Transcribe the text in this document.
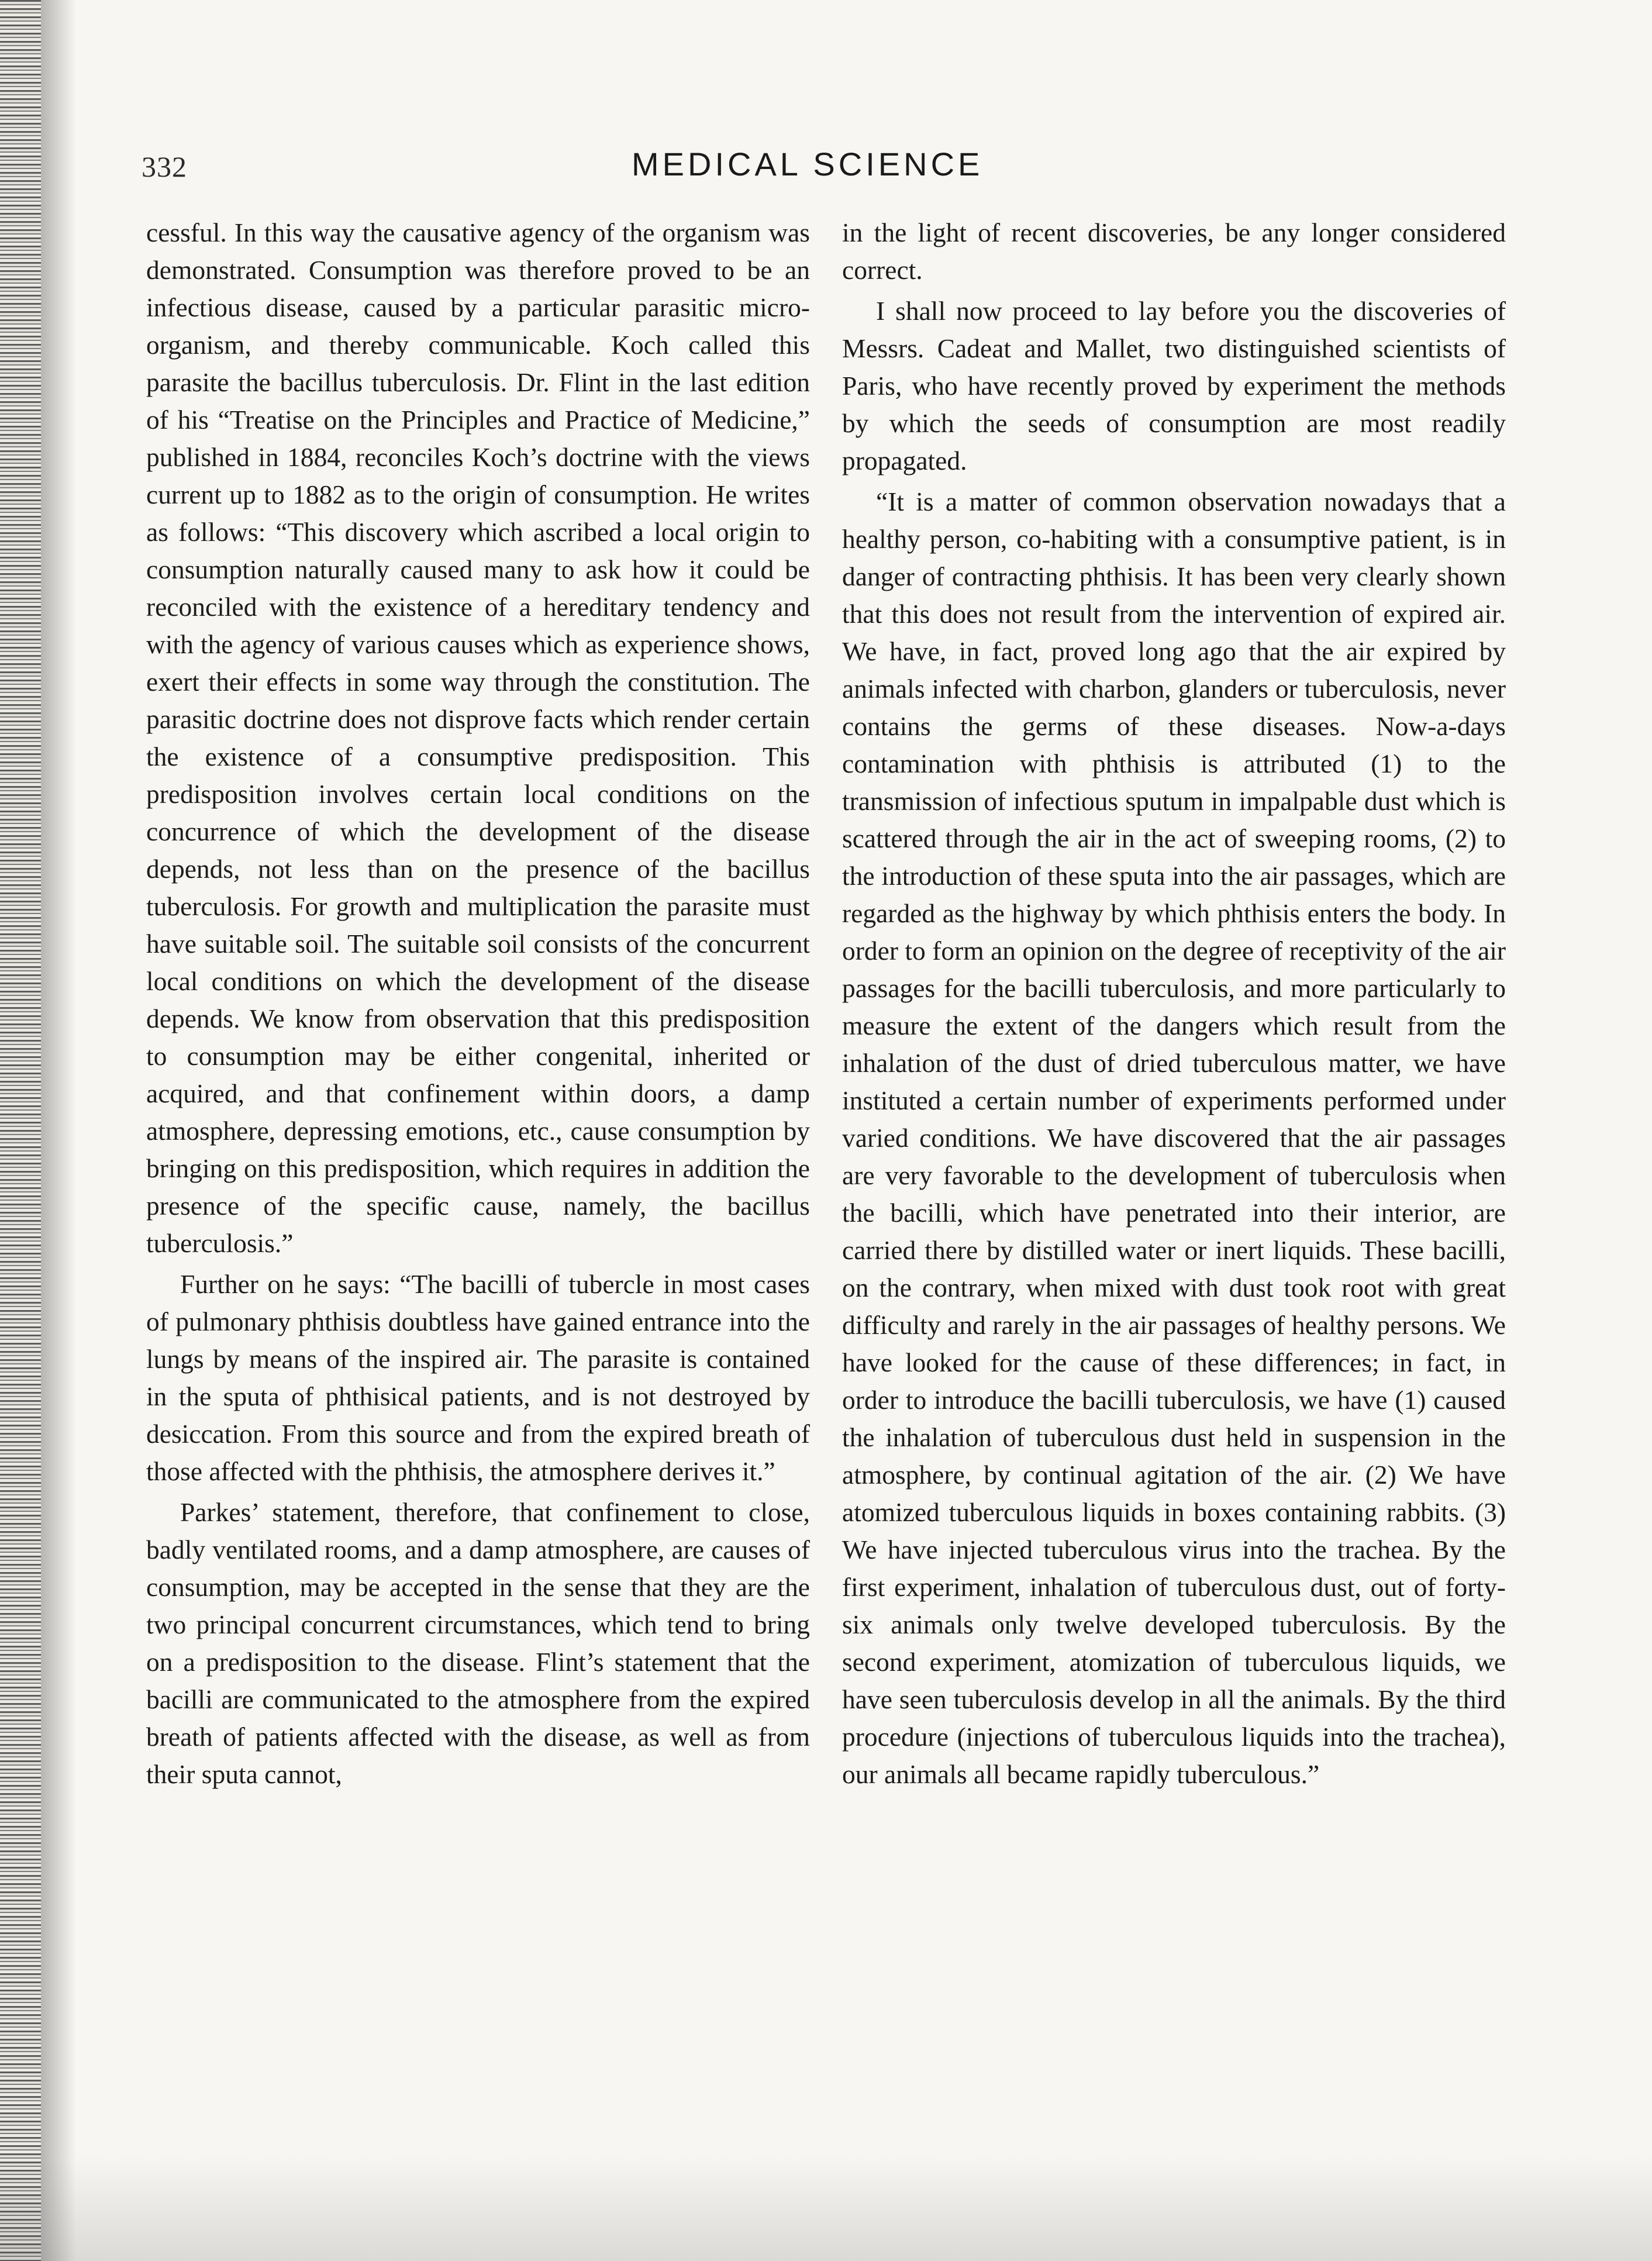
332	MEDICAL SCIENCE

cessful. In this way the causative agency of the organism was demonstrated. Consumption was therefore proved to be an infectious disease, caused by a particular parasitic micro-organism, and thereby communicable. Koch called this parasite the bacillus tuberculosis. Dr. Flint in the last edition of his “Treatise on the Principles and Practice of Medicine,” published in 1884, reconciles Koch’s doctrine with the views current up to 1882 as to the origin of consumption. He writes as follows: “This discovery which ascribed a local origin to consumption naturally caused many to ask how it could be reconciled with the existence of a hereditary tendency and with the agency of various causes which as experience shows, exert their effects in some way through the constitution. The parasitic doctrine does not disprove facts which render certain the existence of a consumptive predisposition. This predisposition involves certain local conditions on the concurrence of which the development of the disease depends, not less than on the presence of the bacillus tuberculosis. For growth and multiplication the parasite must have suitable soil. The suitable soil consists of the concurrent local conditions on which the development of the disease depends. We know from observation that this predisposition to consumption may be either congenital, inherited or acquired, and that confinement within doors, a damp atmosphere, depressing emotions, etc., cause consumption by bringing on this predisposition, which requires in addition the presence of the specific cause, namely, the bacillus tuberculosis.”

Further on he says: “The bacilli of tubercle in most cases of pulmonary phthisis doubtless have gained entrance into the lungs by means of the inspired air. The parasite is contained in the sputa of phthisical patients, and is not destroyed by desiccation. From this source and from the expired breath of those affected with the phthisis, the atmosphere derives it.”

Parkes’ statement, therefore, that confinement to close, badly ventilated rooms, and a damp atmosphere, are causes of consumption, may be accepted in the sense that they are the two principal concurrent circumstances, which tend to bring on a predisposition to the disease. Flint’s statement that the bacilli are communicated to the atmosphere from the expired breath of patients affected with the disease, as well as from their sputa cannot,

in the light of recent discoveries, be any longer considered correct.

I shall now proceed to lay before you the discoveries of Messrs. Cadeat and Mallet, two distinguished scientists of Paris, who have recently proved by experiment the methods by which the seeds of consumption are most readily propagated.

“It is a matter of common observation nowadays that a healthy person, co-habiting with a consumptive patient, is in danger of contracting phthisis. It has been very clearly shown that this does not result from the intervention of expired air. We have, in fact, proved long ago that the air expired by animals infected with charbon, glanders or tuberculosis, never contains the germs of these diseases. Now-a-days contamination with phthisis is attributed (1) to the transmission of infectious sputum in impalpable dust which is scattered through the air in the act of sweeping rooms, (2) to the introduction of these sputa into the air passages, which are regarded as the highway by which phthisis enters the body. In order to form an opinion on the degree of receptivity of the air passages for the bacilli tuberculosis, and more particularly to measure the extent of the dangers which result from the inhalation of the dust of dried tuberculous matter, we have instituted a certain number of experiments performed under varied conditions. We have discovered that the air passages are very favorable to the development of tuberculosis when the bacilli, which have penetrated into their interior, are carried there by distilled water or inert liquids. These bacilli, on the contrary, when mixed with dust took root with great difficulty and rarely in the air passages of healthy persons. We have looked for the cause of these differences; in fact, in order to introduce the bacilli tuberculosis, we have (1) caused the inhalation of tuberculous dust held in suspension in the atmosphere, by continual agitation of the air. (2) We have atomized tuberculous liquids in boxes containing rabbits. (3) We have injected tuberculous virus into the trachea. By the first experiment, inhalation of tuberculous dust, out of forty-six animals only twelve developed tuberculosis. By the second experiment, atomization of tuberculous liquids, we have seen tuberculosis develop in all the animals. By the third procedure (injections of tuberculous liquids into the trachea), our animals all became rapidly tuberculous.”
